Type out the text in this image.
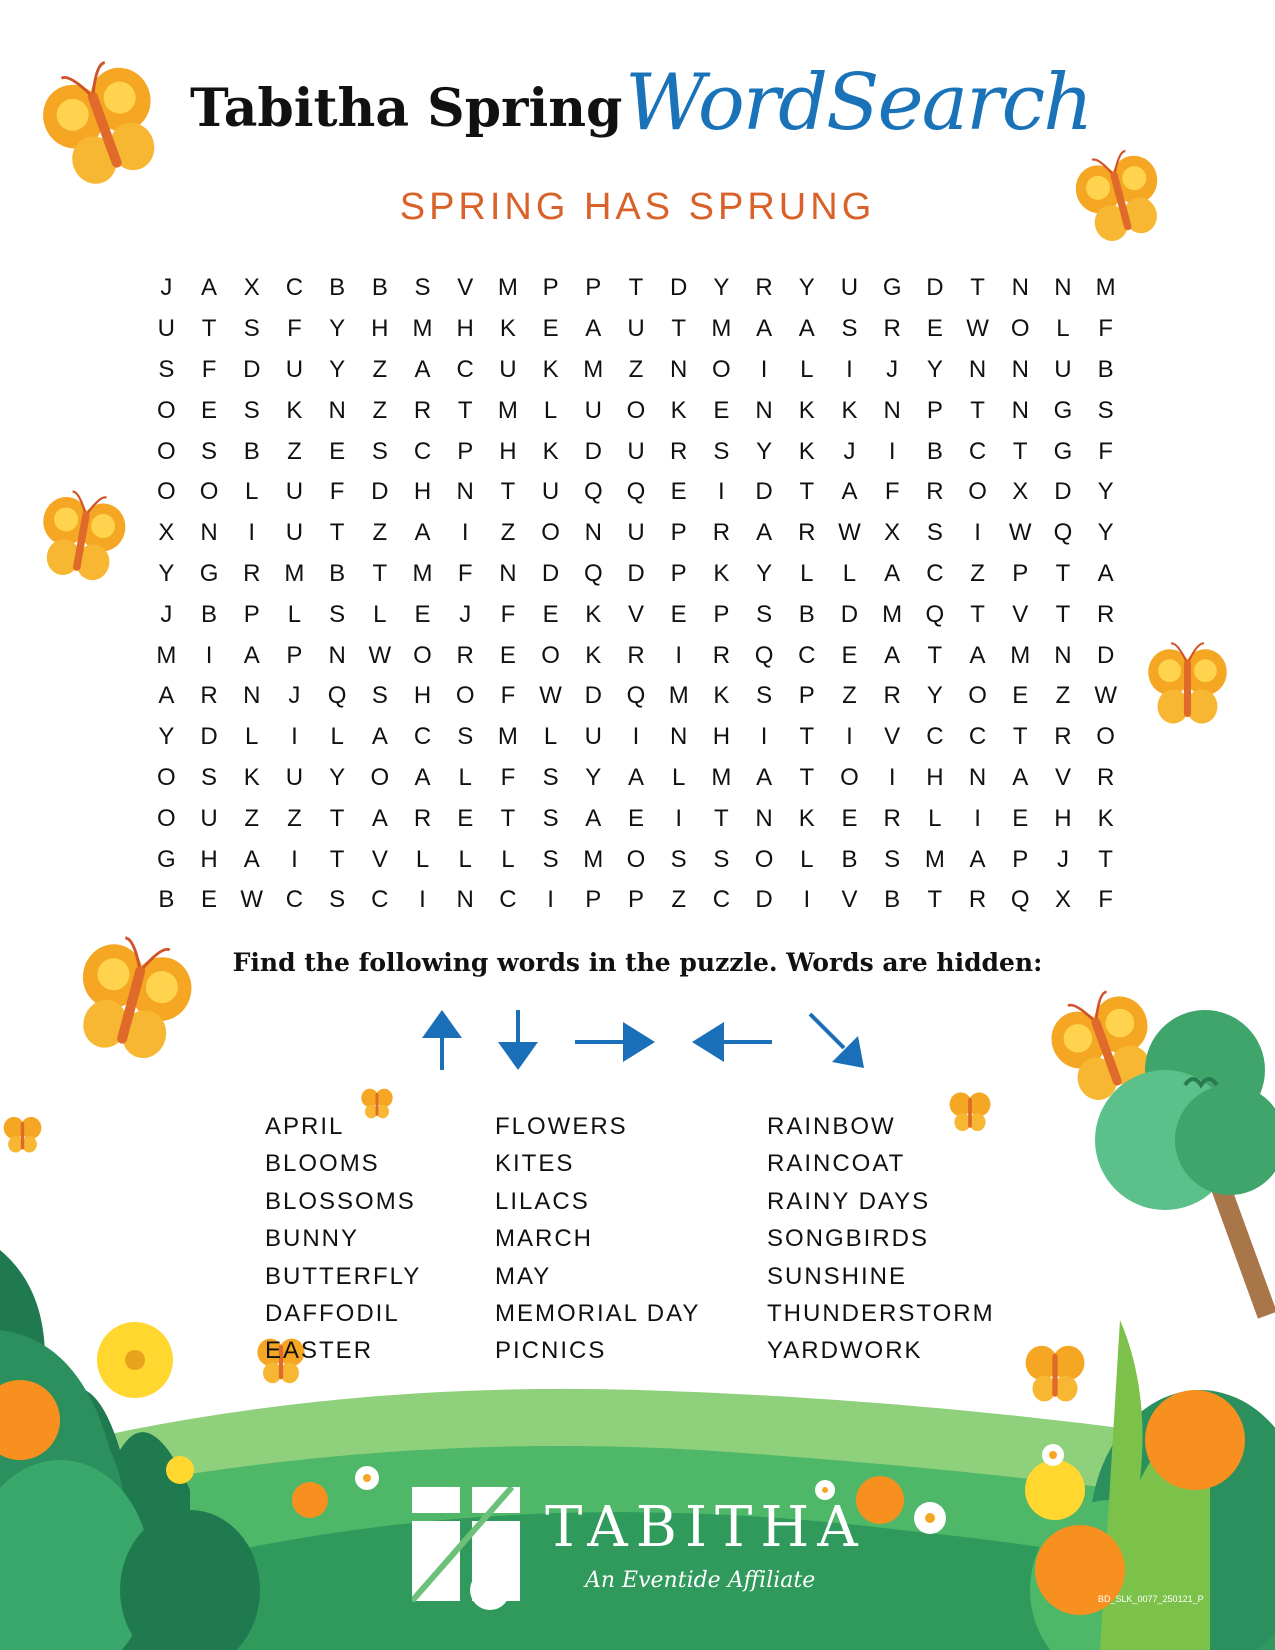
Tabitha Spring WordSearch
SPRING HAS SPRUNG
J	A	X	C	B	B	S	V	M	P	P	T	D	Y	R	Y	U	G	D	T	N	N	M
U	T	S	F	Y	H	M	H	K	E	A	U	T	M	A	A	S	R	E W O	L	F
S	F	D	U	Y	Z	A	C	U	K	M	Z	N	O	I	L	I	J	Y	N	N	U	B
O	E	S	K	N	Z	R	T	M	L	U	O	K	E	N	K	K	N	P	T	N	G	S
O	S	B	Z	E	S	C	P	H	K	D	U	R	S	Y	K	J	I	B	C	T	G	F
O	O	L	U	F	D	H	N	T	U	Q	Q	E	I	D	T	A	F	R	O	X	D	Y
X	N	I	U	T	Z	A	I	Z	O	N	U	P	R	A	R W X	S	I	W Q	Y
Y	G	R	M	B	T	M	F	N	D	Q	D	P	K	Y	L	L	A	C	Z	P	T	A
J	B	P	L	S	L	E	J	F	E	K	V	E	P	S	B	D	M Q	T	V	T	R
M	I	A	P	N W O	R	E	O	K	R	I	R	Q	C	E	A	T	A	M	N	D
A	R	N	J	Q	S	H	O	F	W D	Q M	K	S	P	Z	R	Y	O	E	Z	W
Y	D	L	I	L	A	C	S	M	L	U	I	N	H	I	T	I	V	C	C	T	R	O
O	S	K	U	Y	O	A	L	F	S	Y	A	L	M	A	T	O	I	H	N	A	V	R
O	U	Z	Z	T	A	R	E	T	S	A	E	I	T	N	K	E	R	L	I	E	H	K
G	H	A	I	T	V	L	L	L	S	M O	S	S	O	L	B	S	M	A	P	J	T
B	E W C	S	C	I	N	C	I	P	P	Z	C	D	I	V	B	T	R	Q	X	F
Find the following words in the puzzle. Words are hidden:
APRIL
BLOOMS
BLOSSOMS
BUNNY
BUTTERFLY
DAFFODIL
EASTER
FLOWERS
KITES
LILACS
MARCH
MAY
MEMORIAL DAY
PICNICS
RAINBOW
RAINCOAT
RAINY DAYS
SONGBIRDS
SUNSHINE
THUNDERSTORM
YARDWORK
TABITHA
An Eventide Affiliate
BD_SLK_0077_250121_P
